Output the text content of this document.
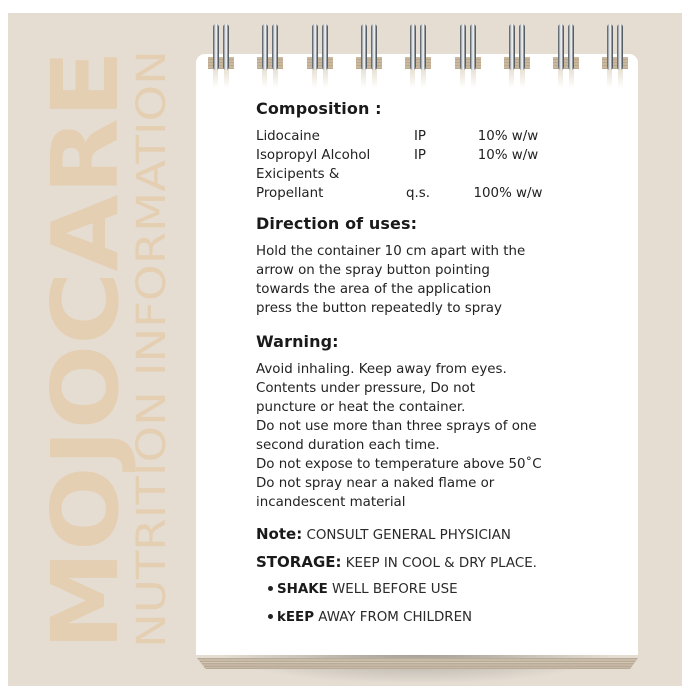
MOJOCARE
NUTRITION INFORMATION
Composition :
Lidocaine	IP	10% w/w
Isopropyl Alcohol	IP	10% w/w
Exicipents &
Propellant	q.s.	100% w/w
Direction of uses:
Hold the container 10 cm apart with the
arrow on the spray button pointing
towards the area of the application
press the button repeatedly to spray
Warning:
Avoid inhaling. Keep away from eyes.
Contents under pressure, Do not
puncture or heat the container.
Do not use more than three sprays of one
second duration each time.
Do not expose to temperature above 50˚C
Do not spray near a naked flame or
incandescent material
Note: CONSULT GENERAL PHYSICIAN
STORAGE: KEEP IN COOL & DRY PLACE.
SHAKE WELL BEFORE USE
kEEP AWAY FROM CHILDREN
